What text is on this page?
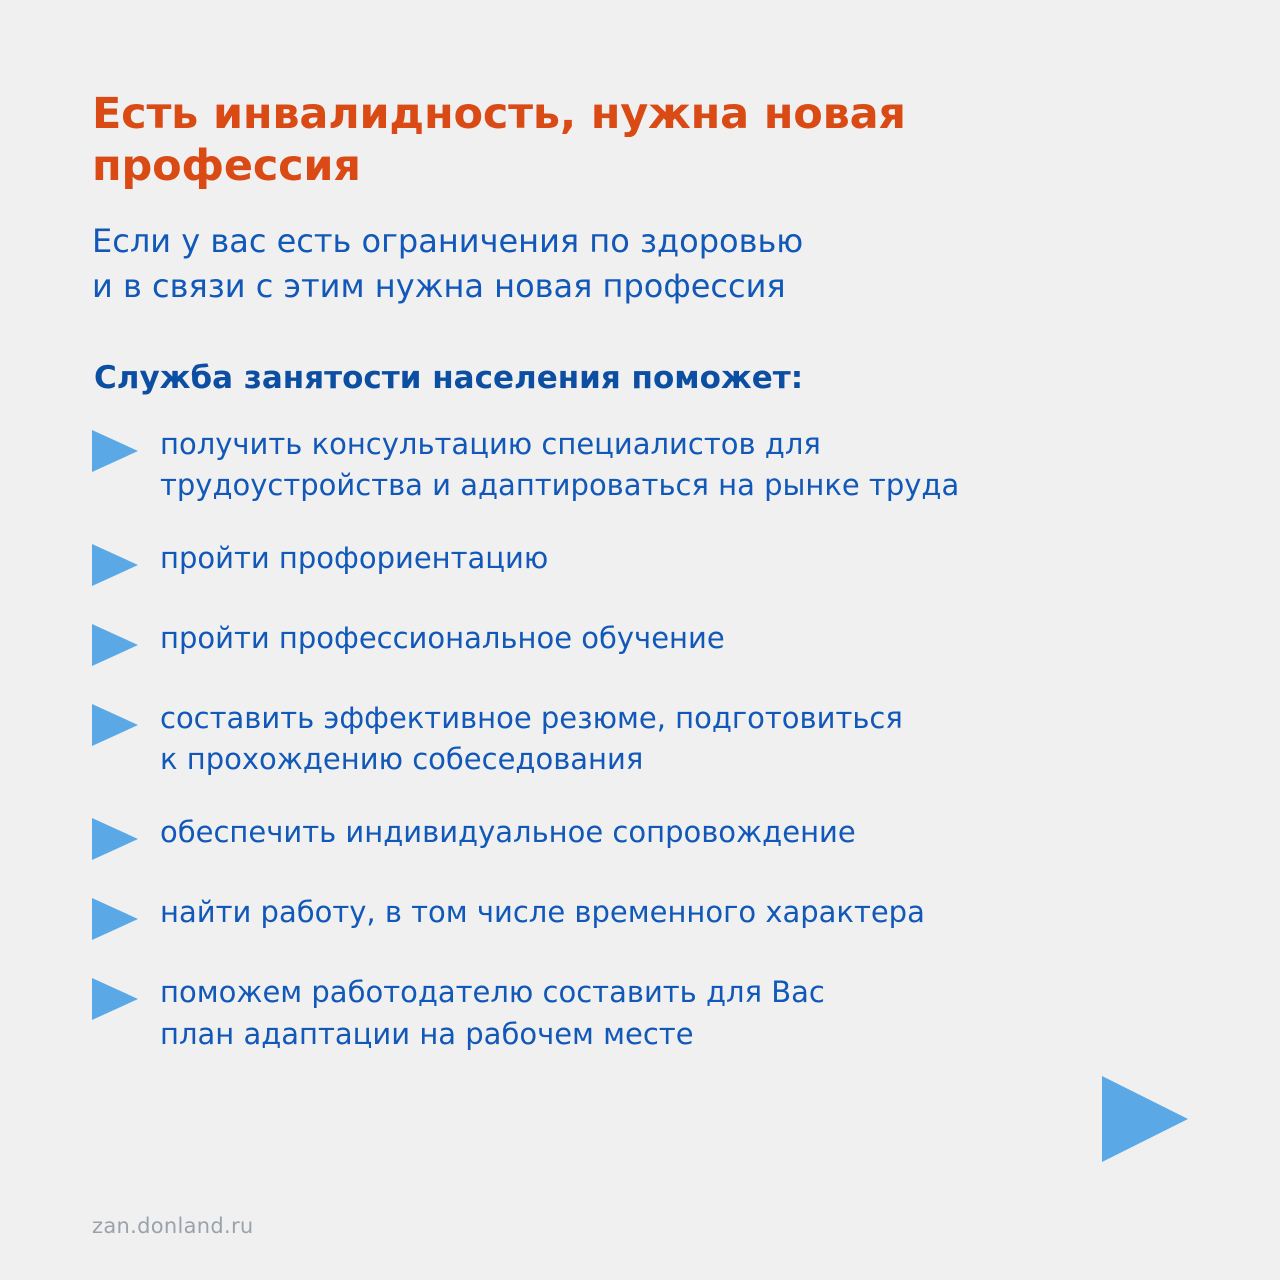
Есть инвалидность, нужна новая профессия
Если у вас есть ограничения по здоровью
и в связи с этим нужна новая профессия
Служба занятости населения поможет:
получить консультацию специалистов для
трудоустройства и адаптироваться на рынке труда
пройти профориентацию
пройти профессиональное обучение
составить эффективное резюме, подготовиться
к прохождению собеседования
обеспечить индивидуальное сопровождение
найти работу, в том числе временного характера
поможем работодателю составить для Вас
план адаптации на рабочем месте
zan.donland.ru
